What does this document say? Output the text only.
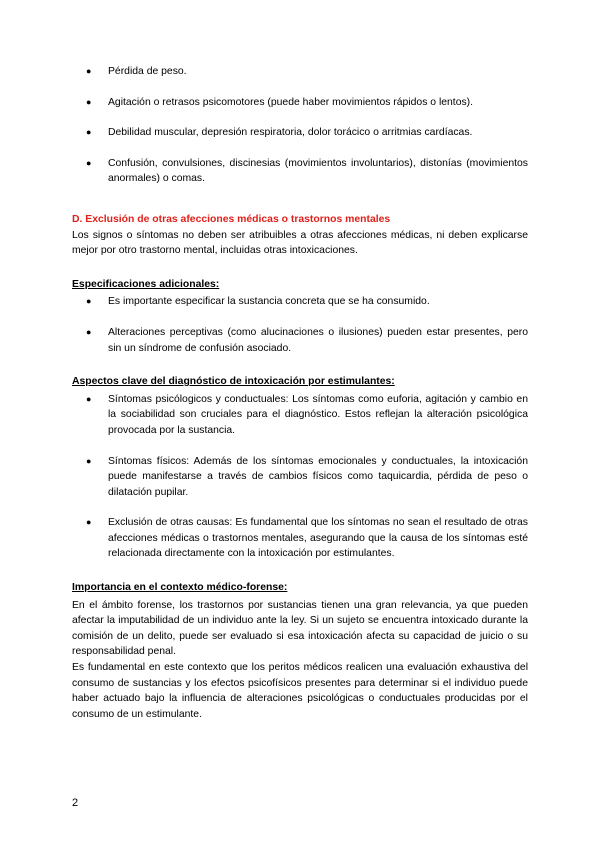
● Pérdida de peso.
● Agitación o retrasos psicomotores (puede haber movimientos rápidos o lentos).
● Debilidad muscular, depresión respiratoria, dolor torácico o arritmias cardíacas.
● Confusión, convulsiones, discinesias (movimientos involuntarios), distonías (movimientos anormales) o comas.
D. Exclusión de otras afecciones médicas o trastornos mentales

Los signos o síntomas no deben ser atribuibles a otras afecciones médicas, ni deben explicarse mejor por otro trastorno mental, incluidas otras intoxicaciones.

Especificaciones adicionales:
● Es importante especificar la sustancia concreta que se ha consumido.
● Alteraciones perceptivas (como alucinaciones o ilusiones) pueden estar presentes, pero sin un síndrome de confusión asociado.
Aspectos clave del diagnóstico de intoxicación por estimulantes:
● Síntomas psicólogicos y conductuales: Los síntomas como euforia, agitación y cambio en la sociabilidad son cruciales para el diagnóstico. Estos reflejan la alteración psicológica provocada por la sustancia.
● Síntomas físicos: Además de los síntomas emocionales y conductuales, la intoxicación puede manifestarse a través de cambios físicos como taquicardia, pérdida de peso o dilatación pupilar.
● Exclusión de otras causas: Es fundamental que los síntomas no sean el resultado de otras afecciones médicas o trastornos mentales, asegurando que la causa de los síntomas esté relacionada directamente con la intoxicación por estimulantes.
Importancia en el contexto médico-forense:

En el ámbito forense, los trastornos por sustancias tienen una gran relevancia, ya que pueden afectar la imputabilidad de un individuo ante la ley. Si un sujeto se encuentra intoxicado durante la comisión de un delito, puede ser evaluado si esa intoxicación afecta su capacidad de juicio o su responsabilidad penal.

Es fundamental en este contexto que los peritos médicos realicen una evaluación exhaustiva del consumo de sustancias y los efectos psicofísicos presentes para determinar si el individuo puede haber actuado bajo la influencia de alteraciones psicológicas o conductuales producidas por el consumo de un estimulante.

2
